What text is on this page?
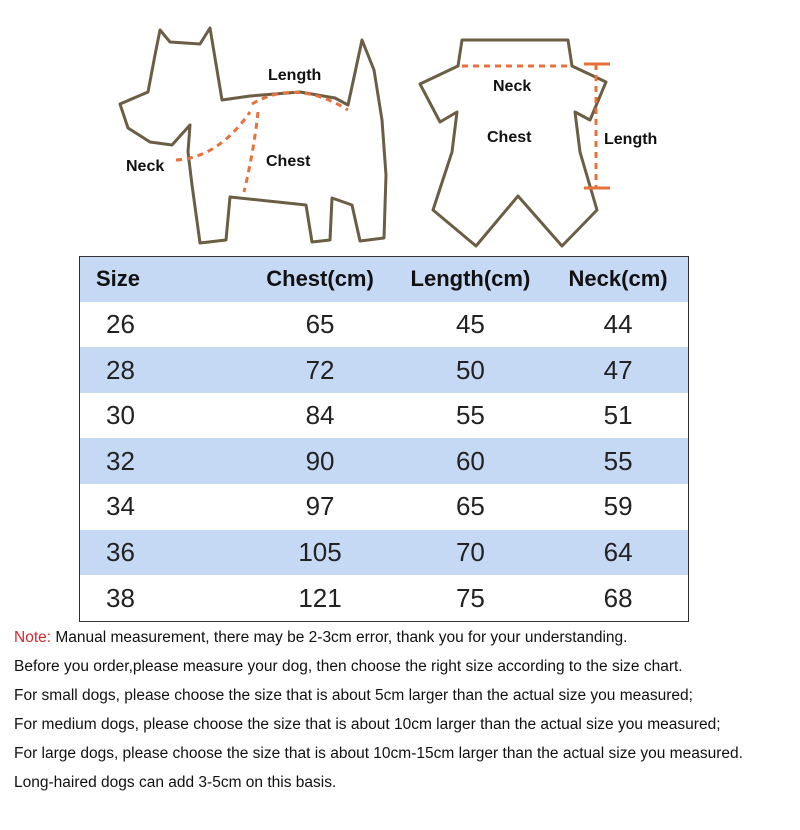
Length
Neck	Chest
Neck
Chest	Length
Size	Chest(cm)	Length(cm)	Neck(cm)
26	65	45	44
28	72	50	47
30	84	55	51
32	90	60	55
34	97	65	59
36	105	70	64
38	121	75	68

Note: Manual measurement, there may be 2-3cm error, thank you for your understanding.

Before you order,please measure your dog, then choose the right size according to the size chart.

For small dogs, please choose the size that is about 5cm larger than the actual size you measured;

For medium dogs, please choose the size that is about 10cm larger than the actual size you measured;

For large dogs, please choose the size that is about 10cm-15cm larger than the actual size you measured.

Long-haired dogs can add 3-5cm on this basis.
